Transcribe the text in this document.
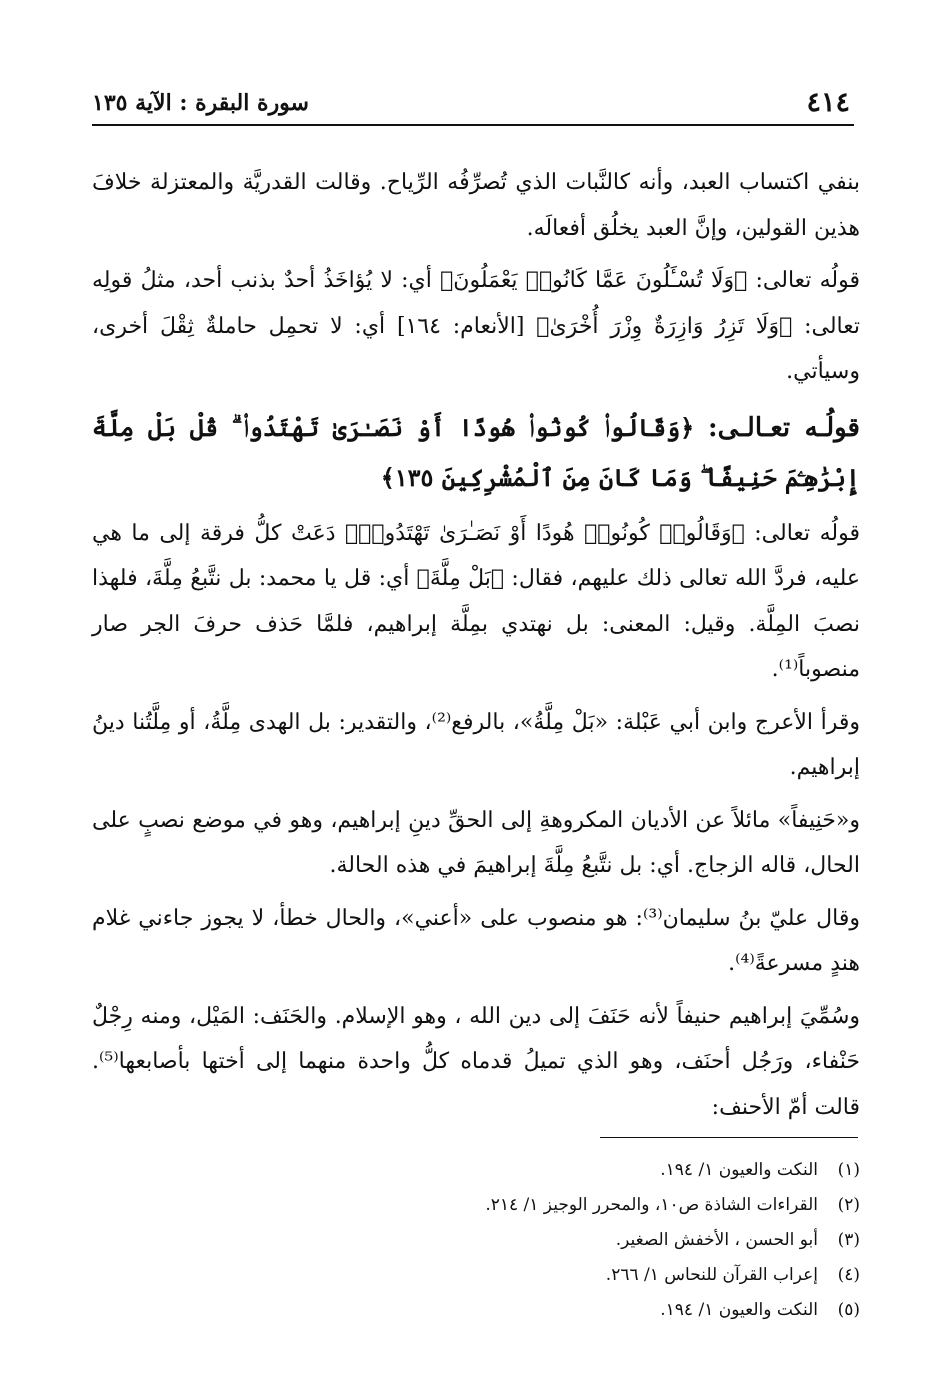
٤١٤
سورة البقرة : الآية ١٣٥

بنفي اكتساب العبد، وأنه كالنَّبات الذي تُصرِّفُه الرِّياح. وقالت القدريَّة والمعتزلة خلافَ هذين القولين، وإنَّ العبد يخلُق أفعالَه.

قولُه تعالى: ﴿وَلَا تُسْـَٔلُونَ عَمَّا كَانُوا۟ يَعْمَلُونَ﴾ أي: لا يُؤاخَذُ أحدٌ بذنب أحد، مثلُ قولِه تعالى: ﴿وَلَا تَزِرُ وَازِرَةٌ وِزْرَ أُخْرَىٰ﴾ [الأنعام: ١٦٤] أي: لا تحمِل حاملةٌ ثِقْلَ أخرى، وسيأتي.

قولُـه تعـالـى: ﴿وَقَالُوا۟ كُونُوا۟ هُودًا أَوْ نَصَـٰرَىٰ تَهْتَدُوا۟ ۗ قُلْ بَلْ مِلَّةَ إِبْرَٰهِـۧمَ حَنِيفًا ۖ وَمَا كَانَ مِنَ ٱلْمُشْرِكِينَ ١٣٥﴾

قولُه تعالى: ﴿وَقَالُوا۟ كُونُوا۟ هُودًا أَوْ نَصَـٰرَىٰ تَهْتَدُوا۟﴾ دَعَتْ كلُّ فرقة إلى ما هي عليه، فردَّ الله تعالى ذلك عليهم، فقال: ﴿بَلْ مِلَّةَ﴾ أي: قل يا محمد: بل نتَّبعُ مِلَّةَ، فلهذا نصبَ المِلَّة. وقيل: المعنى: بل نهتدي بمِلَّة إبراهيم، فلمَّا حَذف حرفَ الجر صار منصوباً⁽¹⁾.

وقرأ الأعرج وابن أبي عَبْلة: «بَلْ مِلَّةُ»، بالرفع⁽²⁾، والتقدير: بل الهدى مِلَّةُ، أو مِلَّتُنا دينُ إبراهيم.

و«حَنِيفاً» مائلاً عن الأديان المكروهةِ إلى الحقِّ دينِ إبراهيم، وهو في موضع نصبٍ على الحال، قاله الزجاج. أي: بل نتَّبعُ مِلَّةَ إبراهيمَ في هذه الحالة.

وقال عليّ بنُ سليمان⁽³⁾: هو منصوب على «أعني»، والحال خطأ، لا يجوز جاءني غلام هندٍ مسرعةً⁽⁴⁾.

وسُمِّيَ إبراهيم حنيفاً لأنه حَنَفَ إلى دين الله ، وهو الإسلام. والحَنَف: المَيْل، ومنه رِجْلٌ حَنْفاء، ورَجُل أحنَف، وهو الذي تميلُ قدماه كلُّ واحدة منهما إلى أختها بأصابعها⁽⁵⁾. قالت أمّ الأحنف:

(١)
النكت والعيون ١/ ١٩٤.
(٢)
القراءات الشاذة ص١٠، والمحرر الوجيز ١/ ٢١٤.
(٣)
أبو الحسن ، الأخفش الصغير.
(٤)
إعراب القرآن للنحاس ١/ ٢٦٦.
(٥)
النكت والعيون ١/ ١٩٤.
